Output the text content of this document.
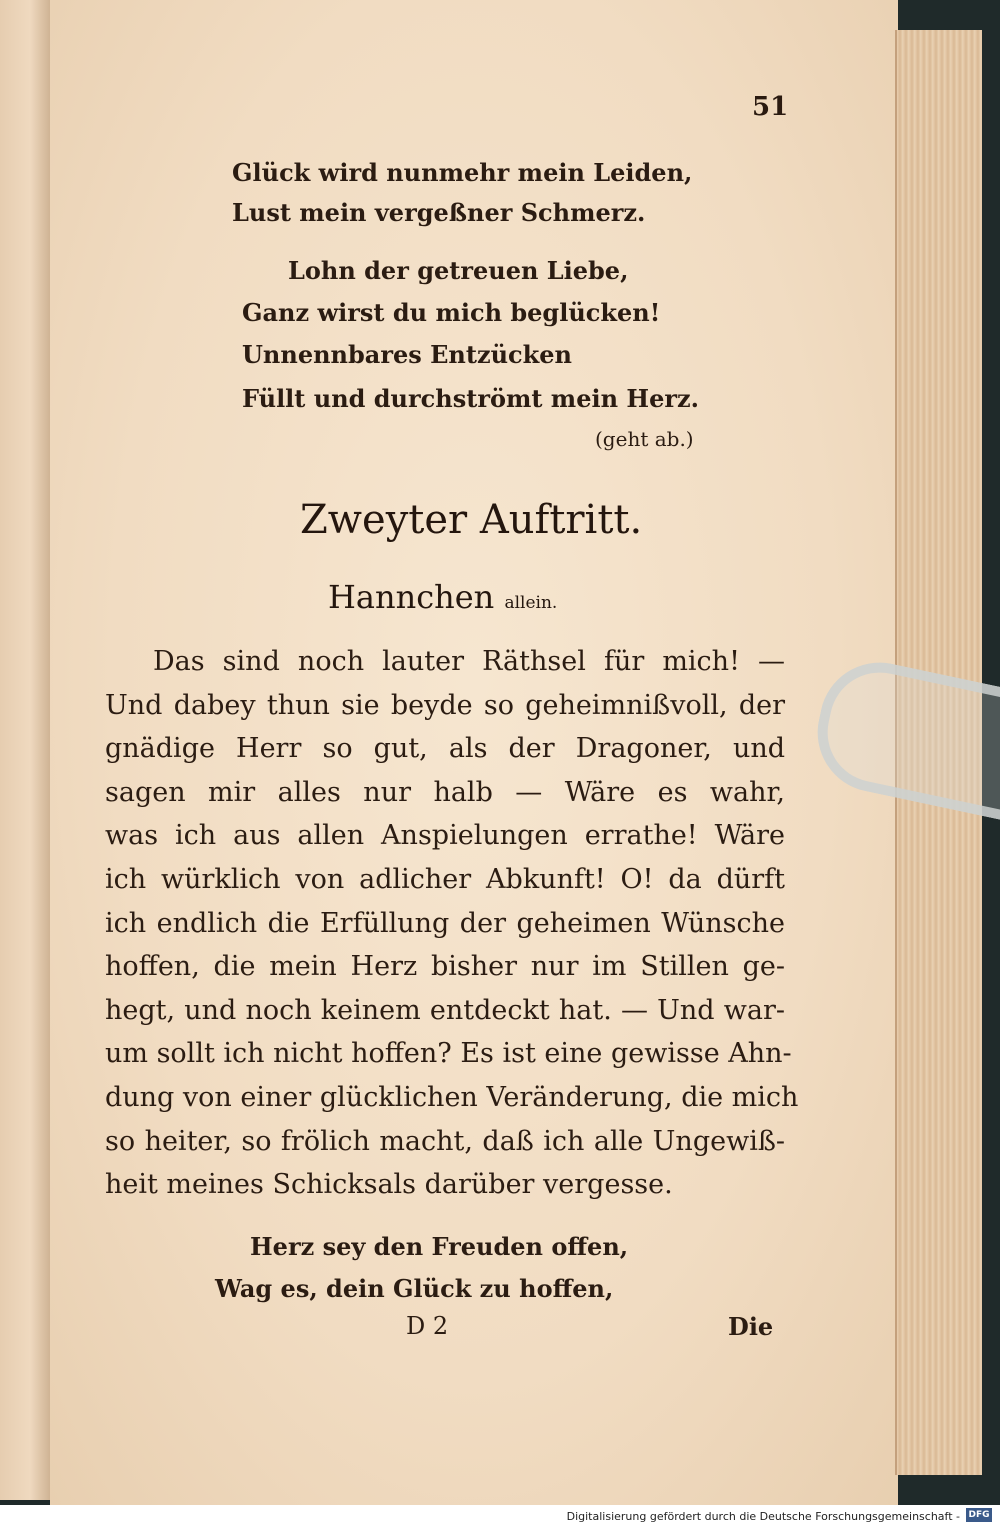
51
Glück wird nunmehr mein Leiden,
Lust mein vergeßner Schmerz.
Lohn der getreuen Liebe,
Ganz wirst du mich beglücken!
Unnennbares Entzücken
Füllt und durchströmt mein Herz.
(geht ab.)
Zweyter Auftritt.
Hannchen allein.
Das sind noch lauter Räthsel für mich! —
Und dabey thun sie beyde so geheimnißvoll, der
gnädige Herr so gut, als der Dragoner, und
sagen mir alles nur halb — Wäre es wahr,
was ich aus allen Anspielungen errathe! Wäre
ich würklich von adlicher Abkunft! O! da dürft
ich endlich die Erfüllung der geheimen Wünsche
hoffen, die mein Herz bisher nur im Stillen ge-
hegt, und noch keinem entdeckt hat. — Und war-
um sollt ich nicht hoffen? Es ist eine gewisse Ahn-
dung von einer glücklichen Veränderung, die mich
so heiter, so frölich macht, daß ich alle Ungewiß-
heit meines Schicksals darüber vergesse.
Herz sey den Freuden offen,
Wag es, dein Glück zu hoffen,
D 2	Die
Digitalisierung gefördert durch die Deutsche Forschungsgemeinschaft - DFG
